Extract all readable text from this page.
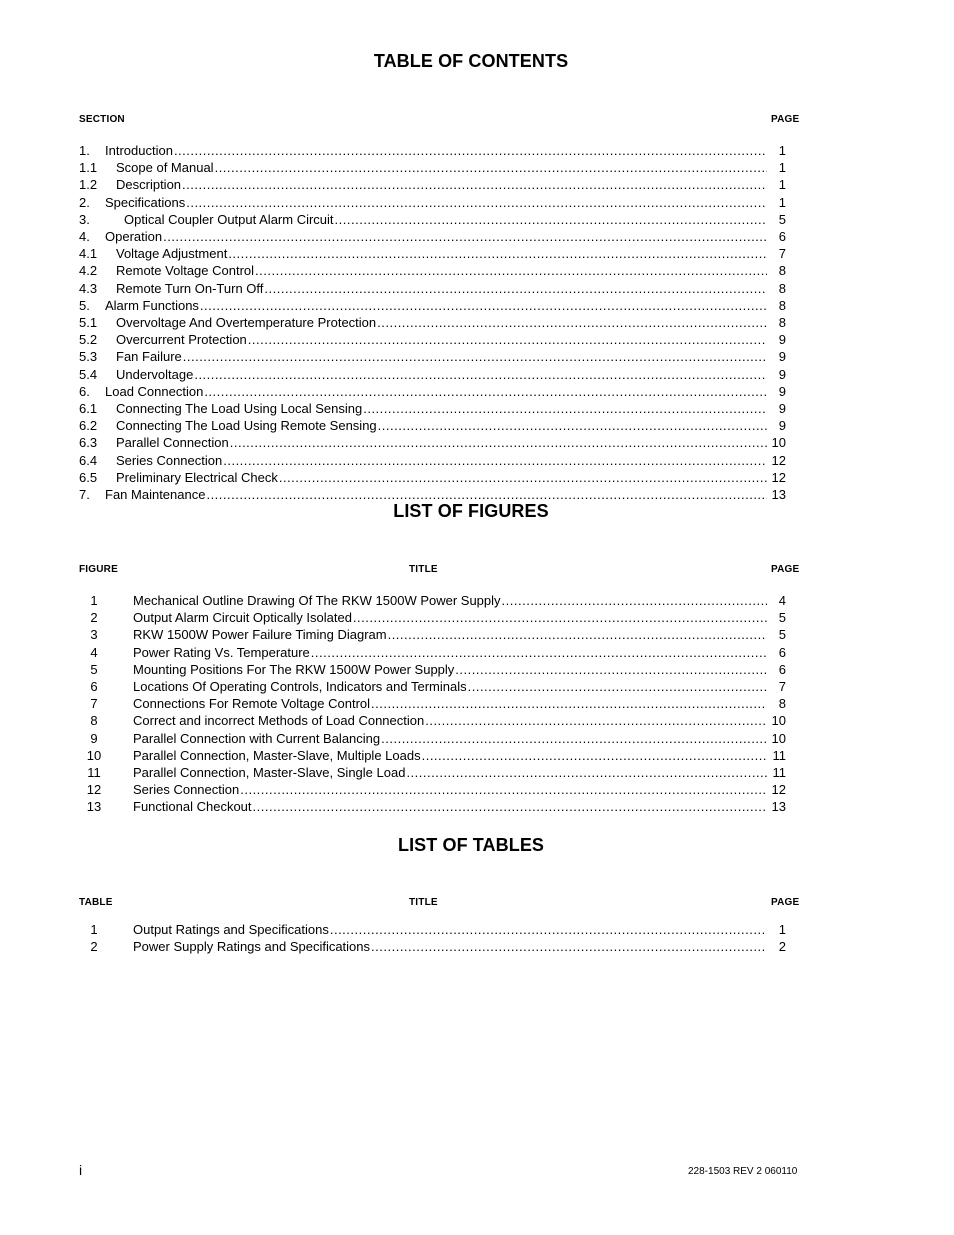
TABLE OF CONTENTS
SECTION	PAGE
1. Introduction .....	1
1.1 Scope of Manual .....	1
1.2 Description .....	1
2. Specifications .....	1
3.	Optical Coupler Output Alarm Circuit .....	5
4. Operation .....	6
4.1 Voltage Adjustment .....	7
4.2 Remote Voltage Control .....	8
4.3 Remote Turn On-Turn Off .....	8
5. Alarm Functions .....	8
5.1 Overvoltage And Overtemperature Protection .....	8
5.2 Overcurrent Protection .....	9
5.3 Fan Failure .....	9
5.4 Undervoltage .....	9
6. Load Connection .....	9
6.1 Connecting The Load Using Local Sensing .....	9
6.2 Connecting The Load Using Remote Sensing .....	9
6.3 Parallel Connection .....	10
6.4 Series Connection .....	12
6.5 Preliminary Electrical Check .....	12
7. Fan Maintenance .....	13
LIST OF FIGURES
FIGURE	TITLE	PAGE
1	Mechanical Outline Drawing Of The RKW 1500W Power Supply .....	4
2	Output Alarm Circuit Optically Isolated .....	5
3	RKW 1500W Power Failure Timing Diagram .....	5
4	Power Rating Vs. Temperature .....	6
5	Mounting Positions For The RKW 1500W Power Supply .....	6
6	Locations Of Operating Controls, Indicators and Terminals .....	7
7	Connections For Remote Voltage Control .....	8
8	Correct and incorrect Methods of Load Connection .....	10
9	Parallel Connection with Current Balancing .....	10
10	Parallel Connection, Master-Slave, Multiple Loads .....	11
11	Parallel Connection, Master-Slave, Single Load .....	11
12	Series Connection .....	12
13	Functional Checkout .....	13
LIST OF TABLES
TABLE	TITLE	PAGE
1	Output Ratings and Specifications .....	1
2	Power Supply Ratings and Specifications .....	2
i	228-1503 REV 2 060110
